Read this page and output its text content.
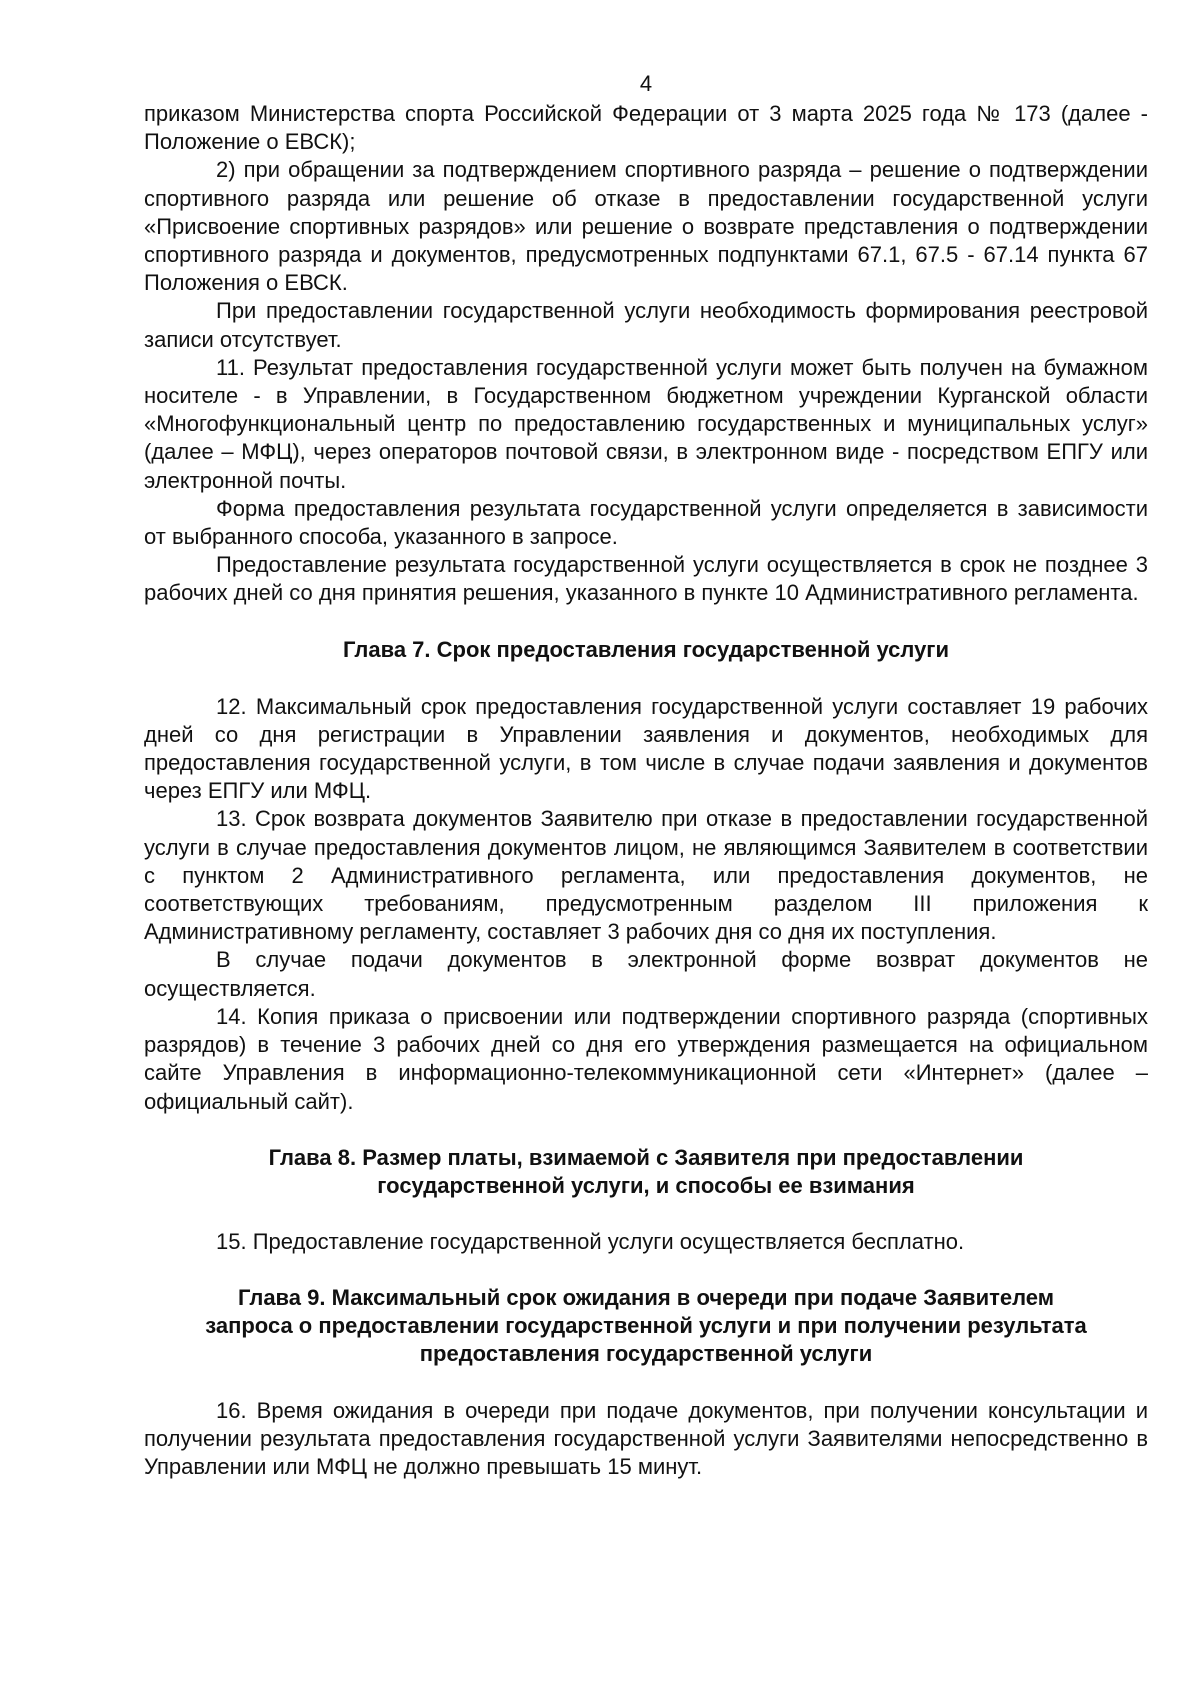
4

приказом Министерства спорта Российской Федерации от 3 марта 2025 года № 173 (далее - Положение о ЕВСК);

2) при обращении за подтверждением спортивного разряда – решение о подтверждении спортивного разряда или решение об отказе в предоставлении государственной услуги «Присвоение спортивных разрядов» или решение о возврате представления о подтверждении спортивного разряда и документов, предусмотренных подпунктами 67.1, 67.5 - 67.14 пункта 67 Положения о ЕВСК.

При предоставлении государственной услуги необходимость формирования реестровой записи отсутствует.

11. Результат предоставления государственной услуги может быть получен на бумажном носителе - в Управлении, в Государственном бюджетном учреждении Курганской области «Многофункциональный центр по предоставлению государственных и муниципальных услуг» (далее – МФЦ), через операторов почтовой связи, в электронном виде - посредством ЕПГУ или электронной почты.

Форма предоставления результата государственной услуги определяется в зависимости от выбранного способа, указанного в запросе.

Предоставление результата государственной услуги осуществляется в срок не позднее 3 рабочих дней со дня принятия решения, указанного в пункте 10 Административного регламента.

Глава 7. Срок предоставления государственной услуги

12. Максимальный срок предоставления государственной услуги составляет 19 рабочих дней со дня регистрации в Управлении заявления и документов, необходимых для предоставления государственной услуги, в том числе в случае подачи заявления и документов через ЕПГУ или МФЦ.

13. Срок возврата документов Заявителю при отказе в предоставлении государственной услуги в случае предоставления документов лицом, не являющимся Заявителем в соответствии с пунктом 2 Административного регламента, или предоставления документов, не соответствующих требованиям, предусмотренным разделом III приложения к Административному регламенту, составляет 3 рабочих дня со дня их поступления.

В случае подачи документов в электронной форме возврат документов не осуществляется.

14. Копия приказа о присвоении или подтверждении спортивного разряда (спортивных разрядов) в течение 3 рабочих дней со дня его утверждения размещается на официальном сайте Управления в информационно-телекоммуникационной сети «Интернет» (далее – официальный сайт).

Глава 8. Размер платы, взимаемой с Заявителя при предоставлении
государственной услуги, и способы ее взимания

15. Предоставление государственной услуги осуществляется бесплатно.

Глава 9. Максимальный срок ожидания в очереди при подаче Заявителем
запроса о предоставлении государственной услуги и при получении результата
предоставления государственной услуги

16. Время ожидания в очереди при подаче документов, при получении консультации и получении результата предоставления государственной услуги Заявителями непосредственно в Управлении или МФЦ не должно превышать 15 минут.
